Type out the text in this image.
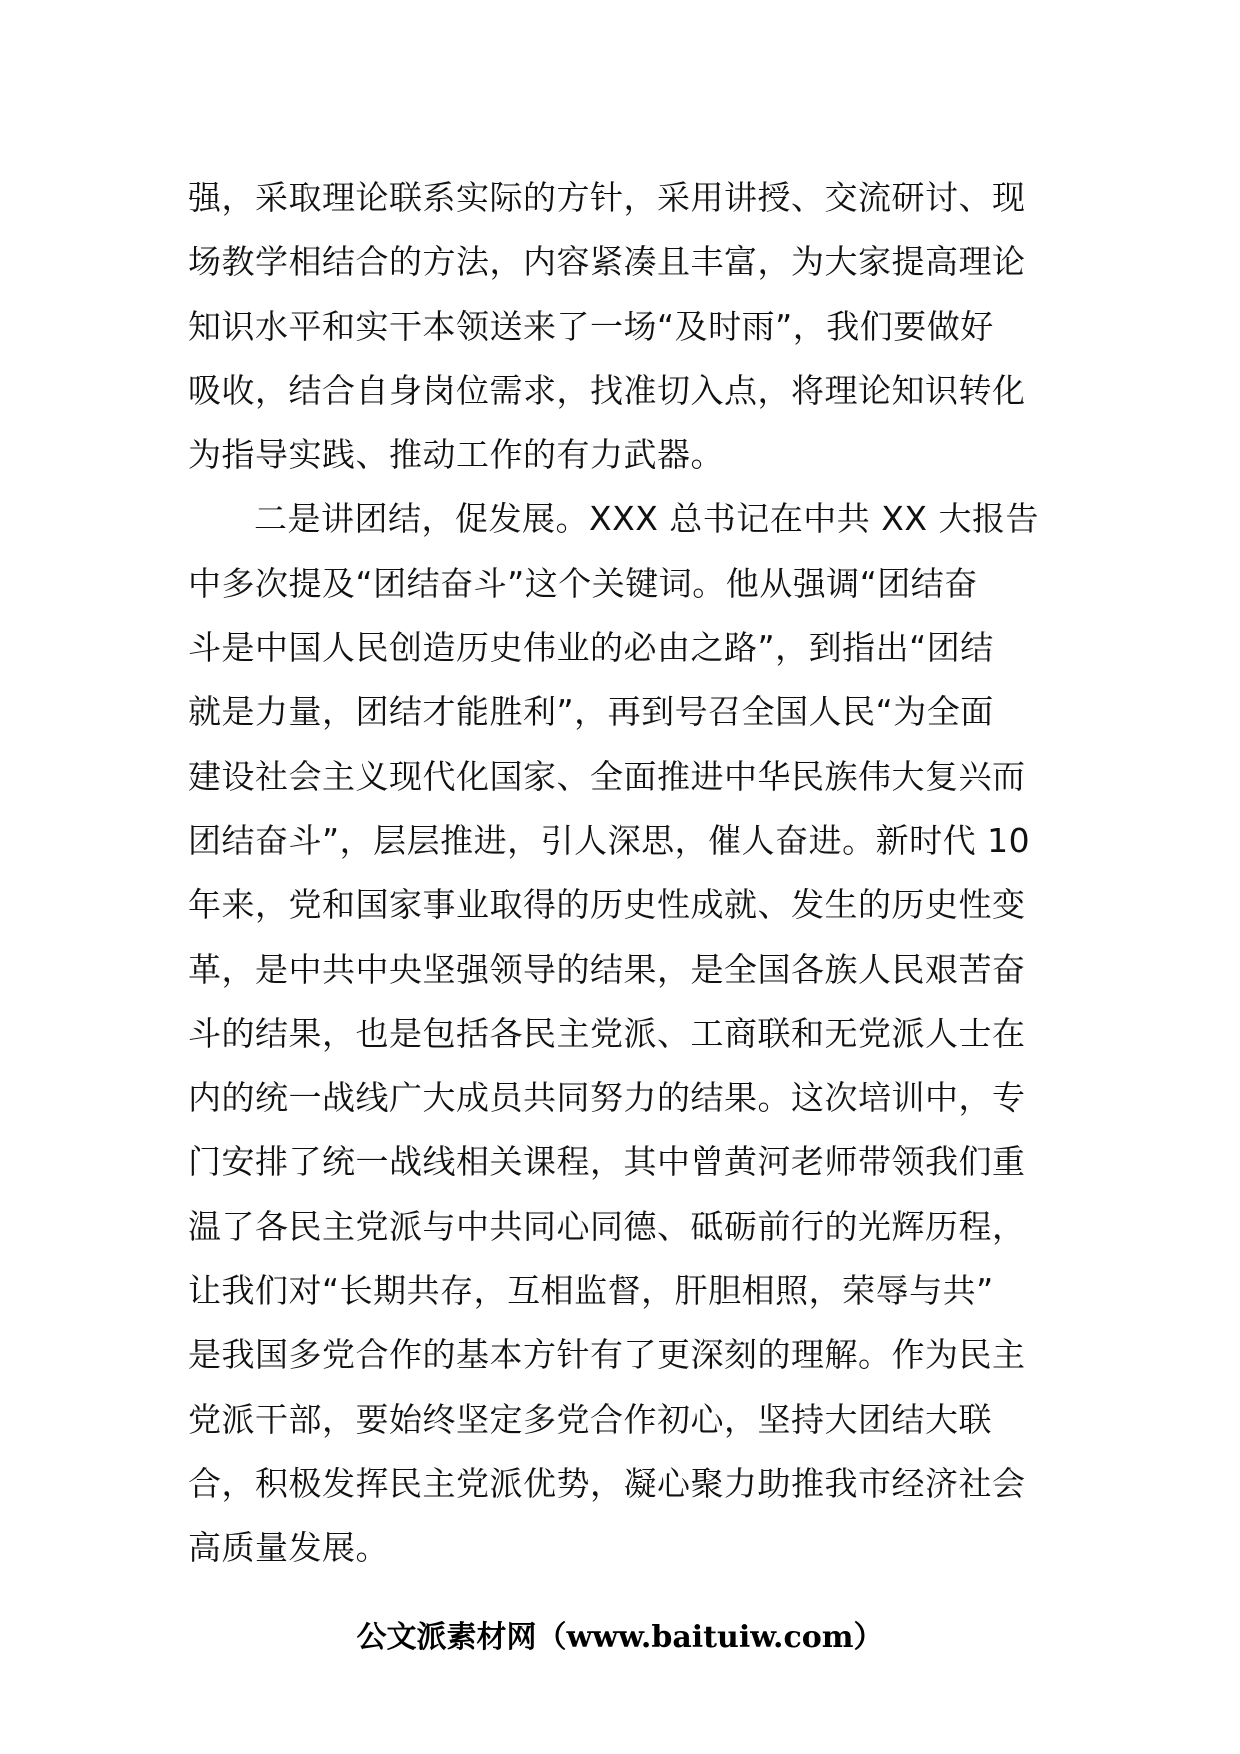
强，采取理论联系实际的方针，采用讲授、交流研讨、现
场教学相结合的方法，内容紧凑且丰富，为大家提高理论
知识水平和实干本领送来了一场“及时雨”，我们要做好
吸收，结合自身岗位需求，找准切入点，将理论知识转化
为指导实践、推动工作的有力武器。
二是讲团结，促发展。XXX 总书记在中共 XX 大报告
中多次提及“团结奋斗”这个关键词。他从强调“团结奋
斗是中国人民创造历史伟业的必由之路”，到指出“团结
就是力量，团结才能胜利”，再到号召全国人民“为全面
建设社会主义现代化国家、全面推进中华民族伟大复兴而
团结奋斗”，层层推进，引人深思，催人奋进。新时代 10
年来，党和国家事业取得的历史性成就、发生的历史性变
革，是中共中央坚强领导的结果，是全国各族人民艰苦奋
斗的结果，也是包括各民主党派、工商联和无党派人士在
内的统一战线广大成员共同努力的结果。这次培训中，专
门安排了统一战线相关课程，其中曾黄河老师带领我们重
温了各民主党派与中共同心同德、砥砺前行的光辉历程，
让我们对“长期共存，互相监督，肝胆相照，荣辱与共”
是我国多党合作的基本方针有了更深刻的理解。作为民主
党派干部，要始终坚定多党合作初心，坚持大团结大联
合，积极发挥民主党派优势，凝心聚力助推我市经济社会
高质量发展。
公文派素材网（www.baituiw.com）
